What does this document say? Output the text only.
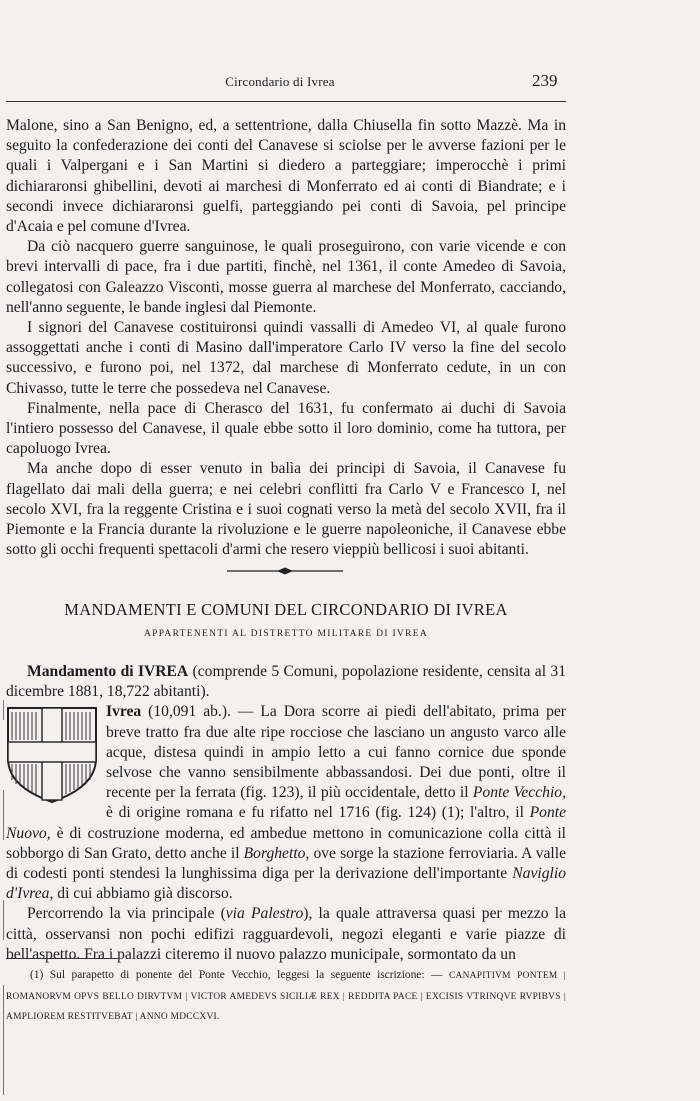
Circondario di Ivrea	239

Malone, sino a San Benigno, ed, a settentrione, dalla Chiusella fin sotto Mazzè. Ma in seguito la confederazione dei conti del Canavese si sciolse per le avverse fazioni per le quali i Valpergani e i San Martini si diedero a parteggiare; imperocchè i primi dichiararonsi ghibellini, devoti ai marchesi di Monferrato ed ai conti di Biandrate; e i secondi invece dichiararonsi guelfi, parteggiando pei conti di Savoia, pel principe d'Acaia e pel comune d'Ivrea.

Da ciò nacquero guerre sanguinose, le quali proseguirono, con varie vicende e con brevi intervalli di pace, fra i due partiti, finchè, nel 1361, il conte Amedeo di Savoia, collegatosi con Galeazzo Visconti, mosse guerra al marchese del Monferrato, cacciando, nell'anno seguente, le bande inglesi dal Piemonte.

I signori del Canavese costituironsi quindi vassalli di Amedeo VI, al quale furono assoggettati anche i conti di Masino dall'imperatore Carlo IV verso la fine del secolo successivo, e furono poi, nel 1372, dal marchese di Monferrato cedute, in un con Chivasso, tutte le terre che possedeva nel Canavese.

Finalmente, nella pace di Cherasco del 1631, fu confermato ai duchi di Savoia l'intiero possesso del Canavese, il quale ebbe sotto il loro dominio, come ha tuttora, per capoluogo Ivrea.

Ma anche dopo di esser venuto in balìa dei principi di Savoia, il Canavese fu flagellato dai mali della guerra; e nei celebri conflitti fra Carlo V e Francesco I, nel secolo XVI, fra la reggente Cristina e i suoi cognati verso la metà del secolo XVII, fra il Piemonte e la Francia durante la rivoluzione e le guerre napoleoniche, il Canavese ebbe sotto gli occhi frequenti spettacoli d'armi che resero vieppiù bellicosi i suoi abitanti.

MANDAMENTI E COMUNI DEL CIRCONDARIO DI IVREA
APPARTENENTI AL DISTRETTO MILITARE DI IVREA

Mandamento di IVREA (comprende 5 Comuni, popolazione residente, censita al 31 dicembre 1881, 18,722 abitanti).

Ivrea (10,091 ab.). — La Dora scorre ai piedi dell'abitato, prima per breve tratto fra due alte ripe rocciose che lasciano un angusto varco alle acque, distesa quindi in ampio letto a cui fanno cornice due sponde selvose che vanno sensibilmente abbassandosi. Dei due ponti, oltre il recente per la ferrata (fig. 123), il più occidentale, detto il Ponte Vecchio, è di origine romana e fu rifatto nel 1716 (fig. 124) (1); l'altro, il Ponte Nuovo, è di costruzione moderna, ed ambedue mettono in comunicazione colla città il sobborgo di San Grato, detto anche il Borghetto, ove sorge la stazione ferroviaria. A valle di codesti ponti stendesi la lunghissima diga per la derivazione dell'importante Naviglio d'Ivrea, di cui abbiamo già discorso.

Percorrendo la via principale (via Palestro), la quale attraversa quasi per mezzo la città, osservansi non pochi edifizi ragguardevoli, negozi eleganti e varie piazze di bell'aspetto. Fra i palazzi citeremo il nuovo palazzo municipale, sormontato da un

(1) Sul parapetto di ponente del Ponte Vecchio, leggesi la seguente iscrizione: — CANAPITIVM PONTEM | ROMANORVM OPVS BELLO DIRVTVM | VICTOR AMEDEVS SICILIÆ REX | REDDITA PACE | EXCISIS VTRINQVE RVPIBVS | AMPLIOREM RESTITVEBAT | ANNO MDCCXVI.
